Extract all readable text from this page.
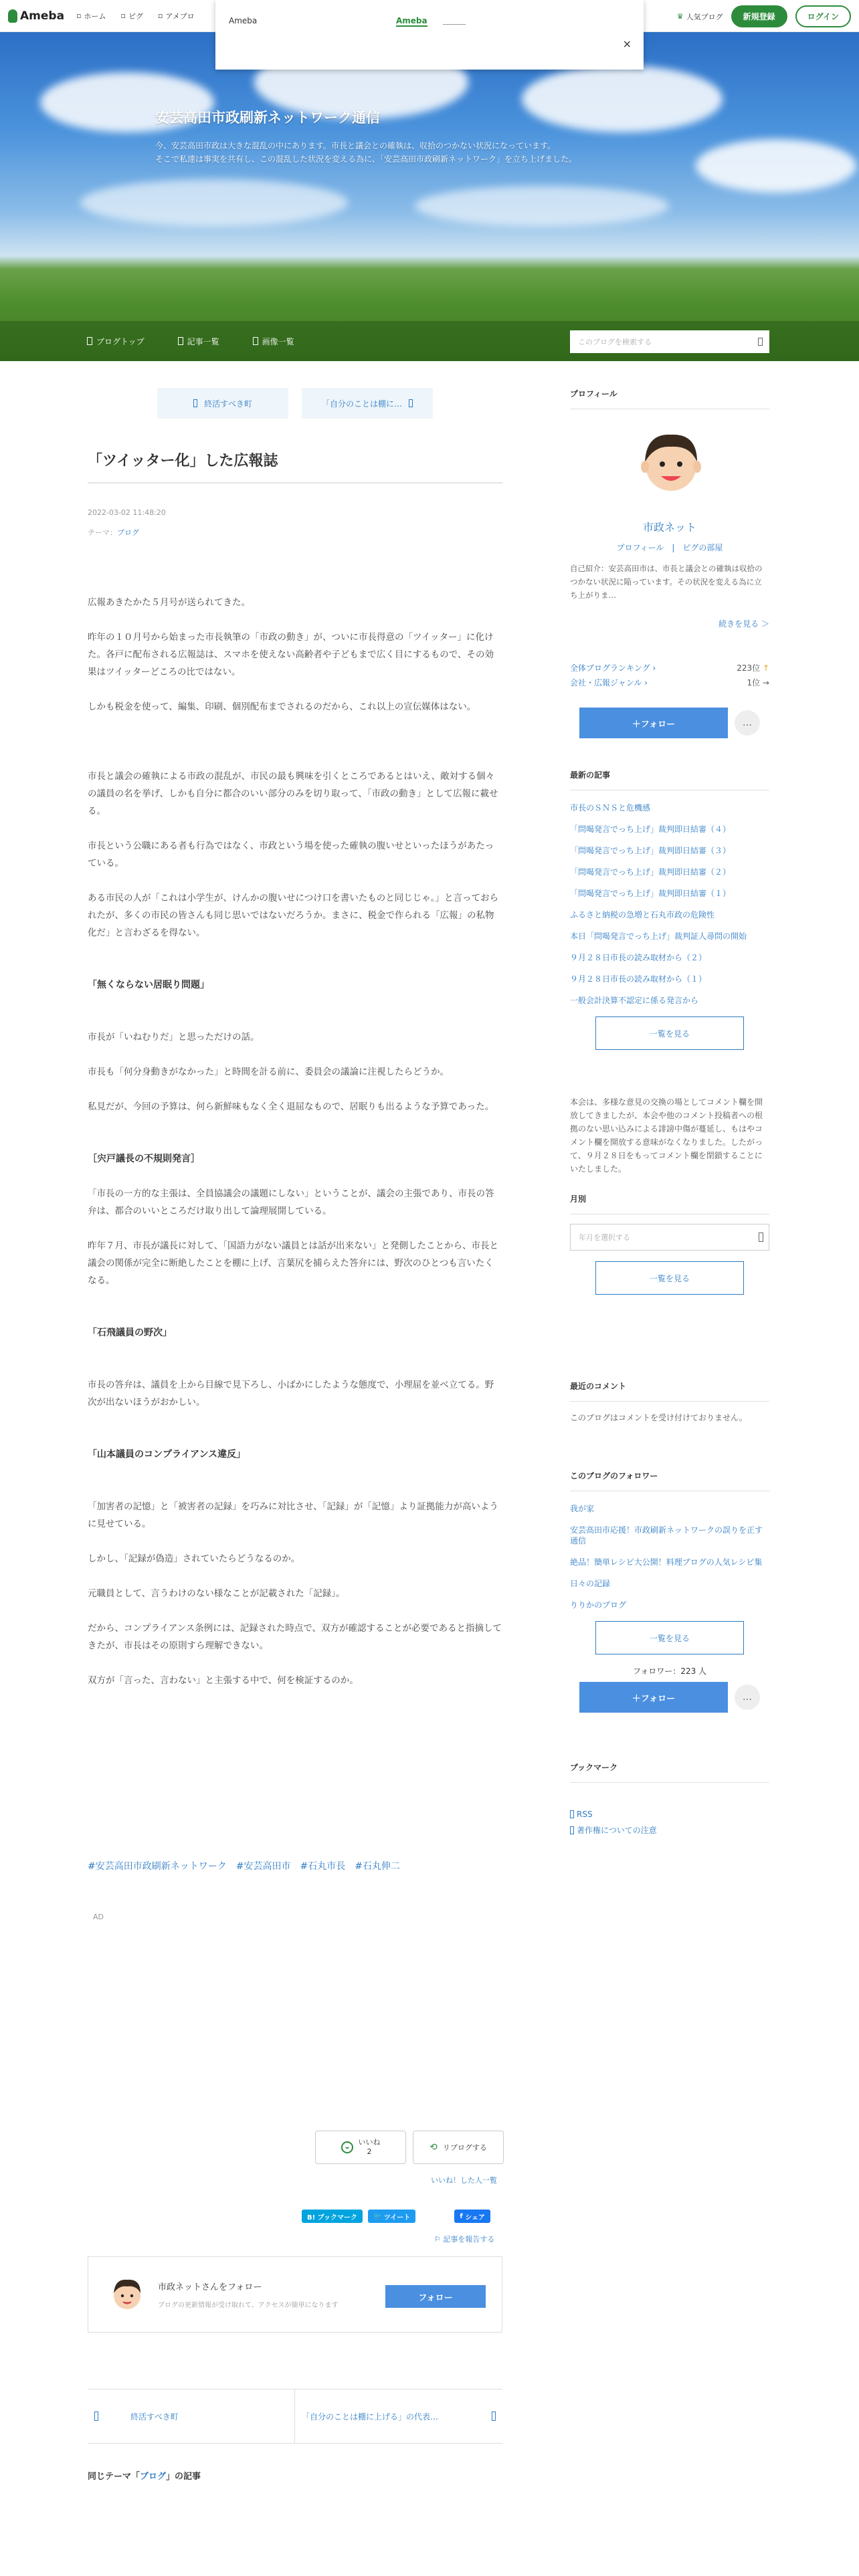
Ameba ▫ ホーム ▫ ピグ ▫ アメブロ	♛ 人気ブログ	新規登録	ログイン
Ameba	Ameba
×
安芸高田市政刷新ネットワーク通信
今、安芸高田市政は大きな混乱の中にあります。市長と議会との確執は、収拾のつかない状況になっています。
そこで私達は事実を共有し、この混乱した状況を変える為に、「安芸高田市政刷新ネットワーク」を立ち上げました。
ブログトップ	記事一覧	画像一覧	このブログを検索する
終活すべき町	「自分のことは棚に…
「ツイッター化」した広報誌
2022-03-02 11:48:20
テーマ：ブログ

広報あきたかた５月号が送られてきた。

昨年の１０月号から始まった市長執筆の「市政の動き」が、ついに市長得意の「ツイッター」に化けた。各戸に配布される広報誌は、スマホを使えない高齢者や子どもまで広く目にするもので、その効果はツイッターどころの比ではない。

しかも税金を使って、編集、印刷、個別配布までされるのだから、これ以上の宣伝媒体はない。

市長と議会の確執による市政の混乱が、市民の最も興味を引くところであるとはいえ、敵対する個々の議員の名を挙げ、しかも自分に都合のいい部分のみを切り取って、「市政の動き」として広報に載せる。

市長という公職にある者も行為ではなく、市政という場を使った確執の腹いせといったほうがあたっている。

ある市民の人が「これは小学生が、けんかの腹いせにつけ口を書いたものと同じじゃ。」と言っておられたが、多くの市民の皆さんも同じ思いではないだろうか。まさに、税金で作られる「広報」の私物化だ」と言わざるを得ない。

「無くならない居眠り問題」

市長が「いねむりだ」と思っただけの話。

市長も「何分身動きがなかった」と時間を計る前に、委員会の議論に注視したらどうか。

私見だが、今回の予算は、何ら新鮮味もなく全く退屈なもので、居眠りも出るような予算であった。

［宍戸議長の不規則発言］

「市長の一方的な主張は、全員協議会の議題にしない」ということが、議会の主張であり、市長の答弁は、都合のいいところだけ取り出して論理展開している。

昨年７月、市長が議長に対して、「国語力がない議員とは話が出来ない」と発側したことから、市長と議会の関係が完全に断絶したことを棚に上げ、言葉尻を捕らえた答弁には、野次のひとつも言いたくなる。

「石飛議員の野次」

市長の答弁は、議員を上から目線で見下ろし、小ばかにしたような態度で、小理屈を並べ立てる。野次が出ないほうがおかしい。

「山本議員のコンプライアンス違反」

「加害者の記憶」と「被害者の記録」を巧みに対比させ、「記録」が「記憶」より証拠能力が高いように見せている。

しかし、「記録が偽造」されていたらどうなるのか。

元職員として、言うわけのない様なことが記載された「記録」。

だから、コンプライアンス条例には、記録された時点で、双方が確認することが必要であると指摘してきたが、市長はその原則すら理解できない。

双方が「言った、言わない」と主張する中で、何を検証するのか。

#安芸高田市政刷新ネットワーク #安芸高田市 #石丸市長 #石丸伸二
AD
いいね
2	⟲ リブログする
いいね！した人一覧
B! ブックマーク	🐦 ツイート	f シェア
⚐ 記事を報告する
市政ネットさんをフォロー
ブログの更新情報が受け取れて、アクセスが簡単になります
フォロー
終活すべき町	「自分のことは棚に上げる」の代表…
同じテーマ「ブログ」の記事
プロフィール
市政ネット
プロフィール　|　ピグの部屋
自己紹介：安芸高田市は、市長と議会との確執は収拾のつかない状況に陥っています。その状況を変える為に立ち上がりま…
続きを見る ＞
全体ブログランキング ›	223位 ↑
会社・広報ジャンル ›	1位 →
＋フォロー	…
最新の記事
市長のＳＮＳと危機感
「問喝発言でっち上げ」裁判即日結審（４）
「問喝発言でっち上げ」裁判即日結審（３）
「問喝発言でっち上げ」裁判即日結審（２）
「問喝発言でっち上げ」裁判即日結審（１）
ふるさと納税の急増と石丸市政の危険性
本日「問喝発言でっち上げ」裁判証人尋問の開始
９月２８日市長の読み取材から（２）
９月２８日市長の読み取材から（１）
一般会計決算不認定に係る発言から
一覧を見る
本会は、多様な意見の交換の場としてコメント欄を開放してきましたが、本会や他のコメント投稿者への根拠のない思い込みによる誹謗中傷が蔓延し、もはやコメント欄を開放する意味がなくなりました。したがって、９月２８日をもってコメント欄を閉鎖することにいたしました。
月別
年月を選択する
一覧を見る
最近のコメント
このブログはコメントを受け付けておりません。
このブログのフォロワー
我が家
安芸高田市応援！市政刷新ネットワークの誤りを正す通信
絶品！簡単レシピ大公開！料理ブログの人気レシピ集
日々の記録
りりかのブログ
一覧を見る
フォロワー：223 人
＋フォロー	…
ブックマーク
RSS
著作権についての注意
